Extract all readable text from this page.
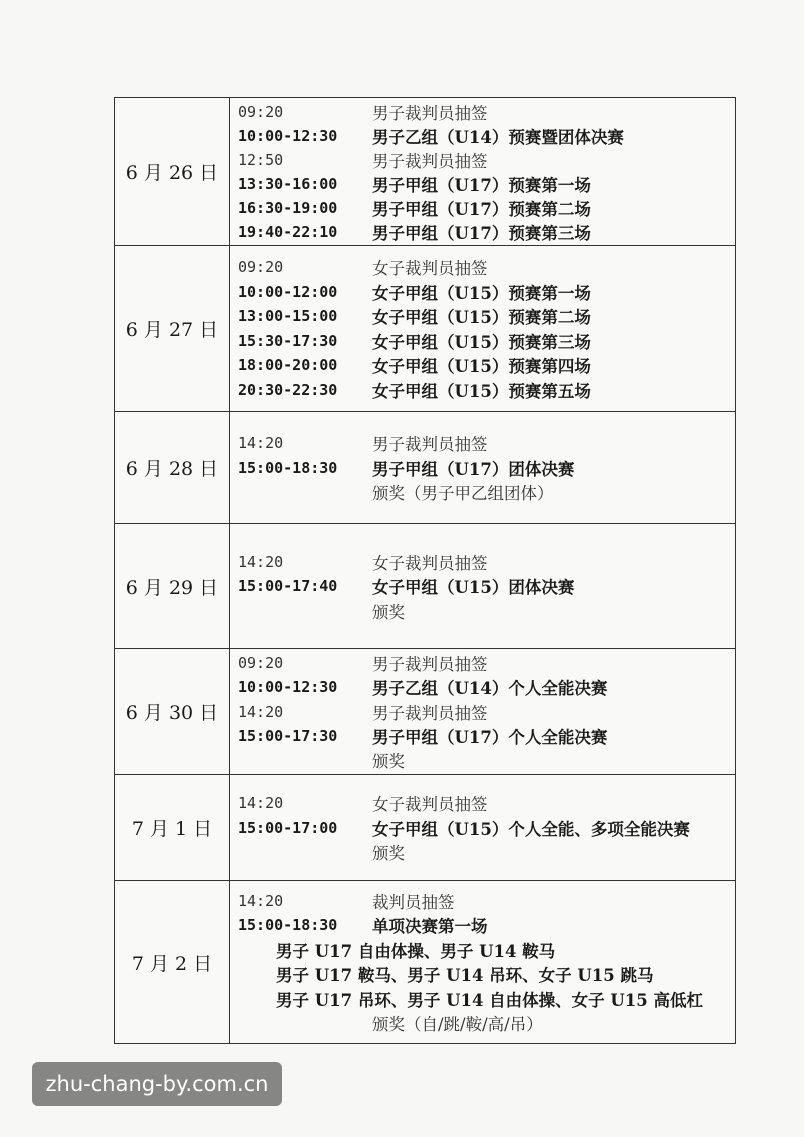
6 月 26 日
09:20	男子裁判员抽签
10:00-12:30	男子乙组（U14）预赛暨团体决赛
12:50	男子裁判员抽签
13:30-16:00	男子甲组（U17）预赛第一场
16:30-19:00	男子甲组（U17）预赛第二场
19:40-22:10	男子甲组（U17）预赛第三场
6 月 27 日
09:20	女子裁判员抽签
10:00-12:00	女子甲组（U15）预赛第一场
13:00-15:00	女子甲组（U15）预赛第二场
15:30-17:30	女子甲组（U15）预赛第三场
18:00-20:00	女子甲组（U15）预赛第四场
20:30-22:30	女子甲组（U15）预赛第五场
6 月 28 日
14:20	男子裁判员抽签
15:00-18:30	男子甲组（U17）团体决赛
颁奖（男子甲乙组团体）
6 月 29 日
14:20	女子裁判员抽签
15:00-17:40	女子甲组（U15）团体决赛
颁奖
6 月 30 日
09:20	男子裁判员抽签
10:00-12:30	男子乙组（U14）个人全能决赛
14:20	男子裁判员抽签
15:00-17:30	男子甲组（U17）个人全能决赛
颁奖
7 月 1 日
14:20	女子裁判员抽签
15:00-17:00	女子甲组（U15）个人全能、多项全能决赛
颁奖
7 月 2 日
14:20	裁判员抽签
15:00-18:30	单项决赛第一场
男子 U17 自由体操、男子 U14 鞍马
男子 U17 鞍马、男子 U14 吊环、女子 U15 跳马
男子 U17 吊环、男子 U14 自由体操、女子 U15 高低杠
颁奖（自/跳/鞍/高/吊）
zhu-chang-by.com.cn
